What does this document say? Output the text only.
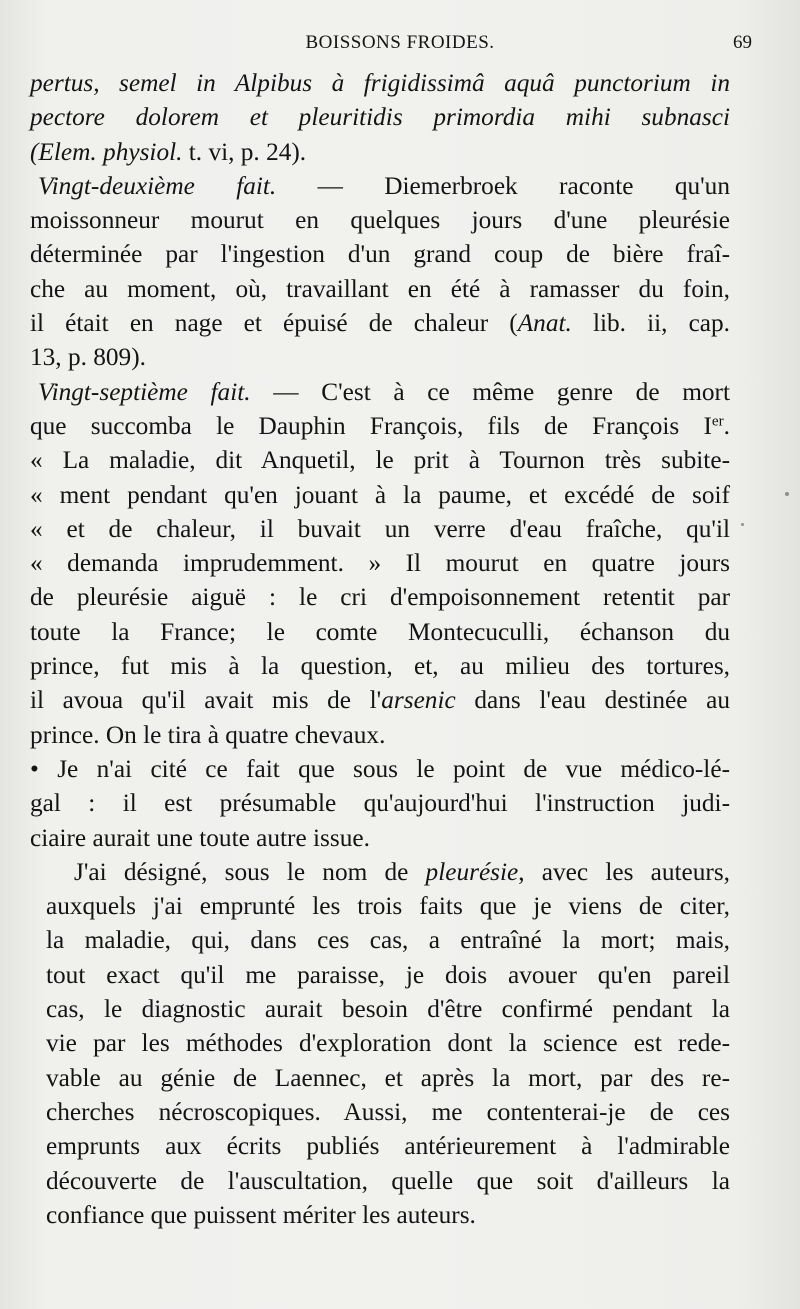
BOISSONS FROIDES.	69
pertus, semel in Alpibus à frigidissimâ aquâ punctorium in
pectore dolorem et pleuritidis primordia mihi subnasci
(Elem. physiol. t. vi, p. 24).
Vingt-deuxième fait. — Diemerbroek raconte qu'un
moissonneur mourut en quelques jours d'une pleurésie
déterminée par l'ingestion d'un grand coup de bière fraî-
che au moment, où, travaillant en été à ramasser du foin,
il était en nage et épuisé de chaleur (Anat. lib. ii, cap.
13, p. 809).
Vingt-septième fait. — C'est à ce même genre de mort
que succomba le Dauphin François, fils de François Ier.
« La maladie, dit Anquetil, le prit à Tournon très subite-
« ment pendant qu'en jouant à la paume, et excédé de soif
« et de chaleur, il buvait un verre d'eau fraîche, qu'il
« demanda imprudemment. » Il mourut en quatre jours
de pleurésie aiguë : le cri d'empoisonnement retentit par
toute la France; le comte Montecuculli, échanson du
prince, fut mis à la question, et, au milieu des tortures,
il avoua qu'il avait mis de l'arsenic dans l'eau destinée au
prince. On le tira à quatre chevaux.
• Je n'ai cité ce fait que sous le point de vue médico-lé-
gal : il est présumable qu'aujourd'hui l'instruction judi-
ciaire aurait une toute autre issue.
J'ai désigné, sous le nom de pleurésie, avec les auteurs,
auxquels j'ai emprunté les trois faits que je viens de citer,
la maladie, qui, dans ces cas, a entraîné la mort; mais,
tout exact qu'il me paraisse, je dois avouer qu'en pareil
cas, le diagnostic aurait besoin d'être confirmé pendant la
vie par les méthodes d'exploration dont la science est rede-
vable au génie de Laennec, et après la mort, par des re-
cherches nécroscopiques. Aussi, me contenterai-je de ces
emprunts aux écrits publiés antérieurement à l'admirable
découverte de l'auscultation, quelle que soit d'ailleurs la
confiance que puissent mériter les auteurs.
